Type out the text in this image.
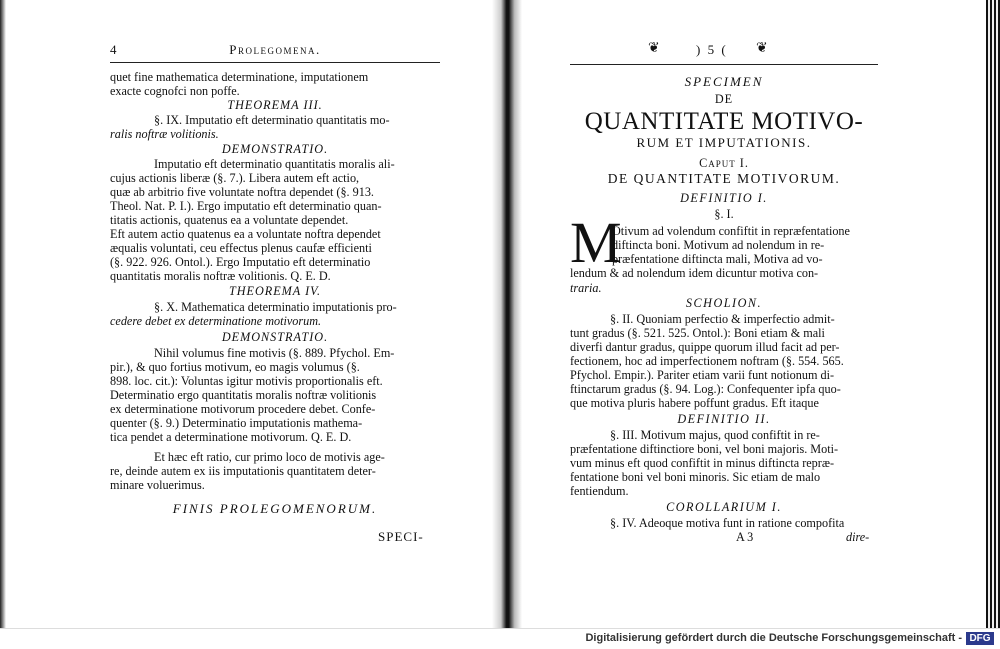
4	Prolegomena.
quet fine mathematica determinatione, imputationem
exacte cognofci non poffe.
THEOREMA III.
§. IX. Imputatio eft determinatio quantitatis mo-
ralis noftræ volitionis.
DEMONSTRATIO.
Imputatio eft determinatio quantitatis moralis ali-
cujus actionis liberæ (§. 7.). Libera autem eft actio,
quæ ab arbitrio five voluntate noftra dependet (§. 913.
Theol. Nat. P. I.). Ergo imputatio eft determinatio quan-
titatis actionis, quatenus ea a voluntate dependet.
Eft autem actio quatenus ea a voluntate noftra dependet
æqualis voluntati, ceu effectus plenus caufæ efficienti
(§. 922. 926. Ontol.). Ergo Imputatio eft determinatio
quantitatis moralis noftræ volitionis. Q. E. D.
THEOREMA IV.
§. X. Mathematica determinatio imputationis pro-
cedere debet ex determinatione motivorum.
DEMONSTRATIO.
Nihil volumus fine motivis (§. 889. Pfychol. Em-
pir.), & quo fortius motivum, eo magis volumus (§.
898. loc. cit.): Voluntas igitur motivis proportionalis eft.
Determinatio ergo quantitatis moralis noftræ volitionis
ex determinatione motivorum procedere debet. Confe-
quenter (§. 9.) Determinatio imputationis mathema-
tica pendet a determinatione motivorum. Q. E. D.
Et hæc eft ratio, cur primo loco de motivis age-
re, deinde autem ex iis imputationis quantitatem deter-
minare voluerimus.
FINIS PROLEGOMENORUM.
SPECI-
❦	) 5 ( ❦
SPECIMEN
DE
QUANTITATE MOTIVO-
RUM ET IMPUTATIONIS.
Caput I.
DE QUANTITATE MOTIVORUM.
DEFINITIO I.
§. I.
M
Otivum ad volendum confiftit in repræfentatione
diftincta boni. Motivum ad nolendum in re-
præfentatione diftincta mali, Motiva ad vo-
lendum & ad nolendum idem dicuntur motiva con-
traria.
SCHOLION.
§. II. Quoniam perfectio & imperfectio admit-
tunt gradus (§. 521. 525. Ontol.): Boni etiam & mali
diverfi dantur gradus, quippe quorum illud facit ad per-
fectionem, hoc ad imperfectionem noftram (§. 554. 565.
Pfychol. Empir.). Pariter etiam varii funt notionum di-
ftinctarum gradus (§. 94. Log.): Confequenter ipfa quo-
que motiva pluris habere poffunt gradus. Eft itaque
DEFINITIO II.
§. III. Motivum majus, quod confiftit in re-
præfentatione diftinctiore boni, vel boni majoris. Moti-
vum minus eft quod confiftit in minus diftincta repræ-
fentatione boni vel boni minoris. Sic etiam de malo
fentiendum.
COROLLARIUM I.
§. IV. Adeoque motiva funt in ratione compofita
A 3	dire-
Digitalisierung gefördert durch die Deutsche Forschungsgemeinschaft - DFG
